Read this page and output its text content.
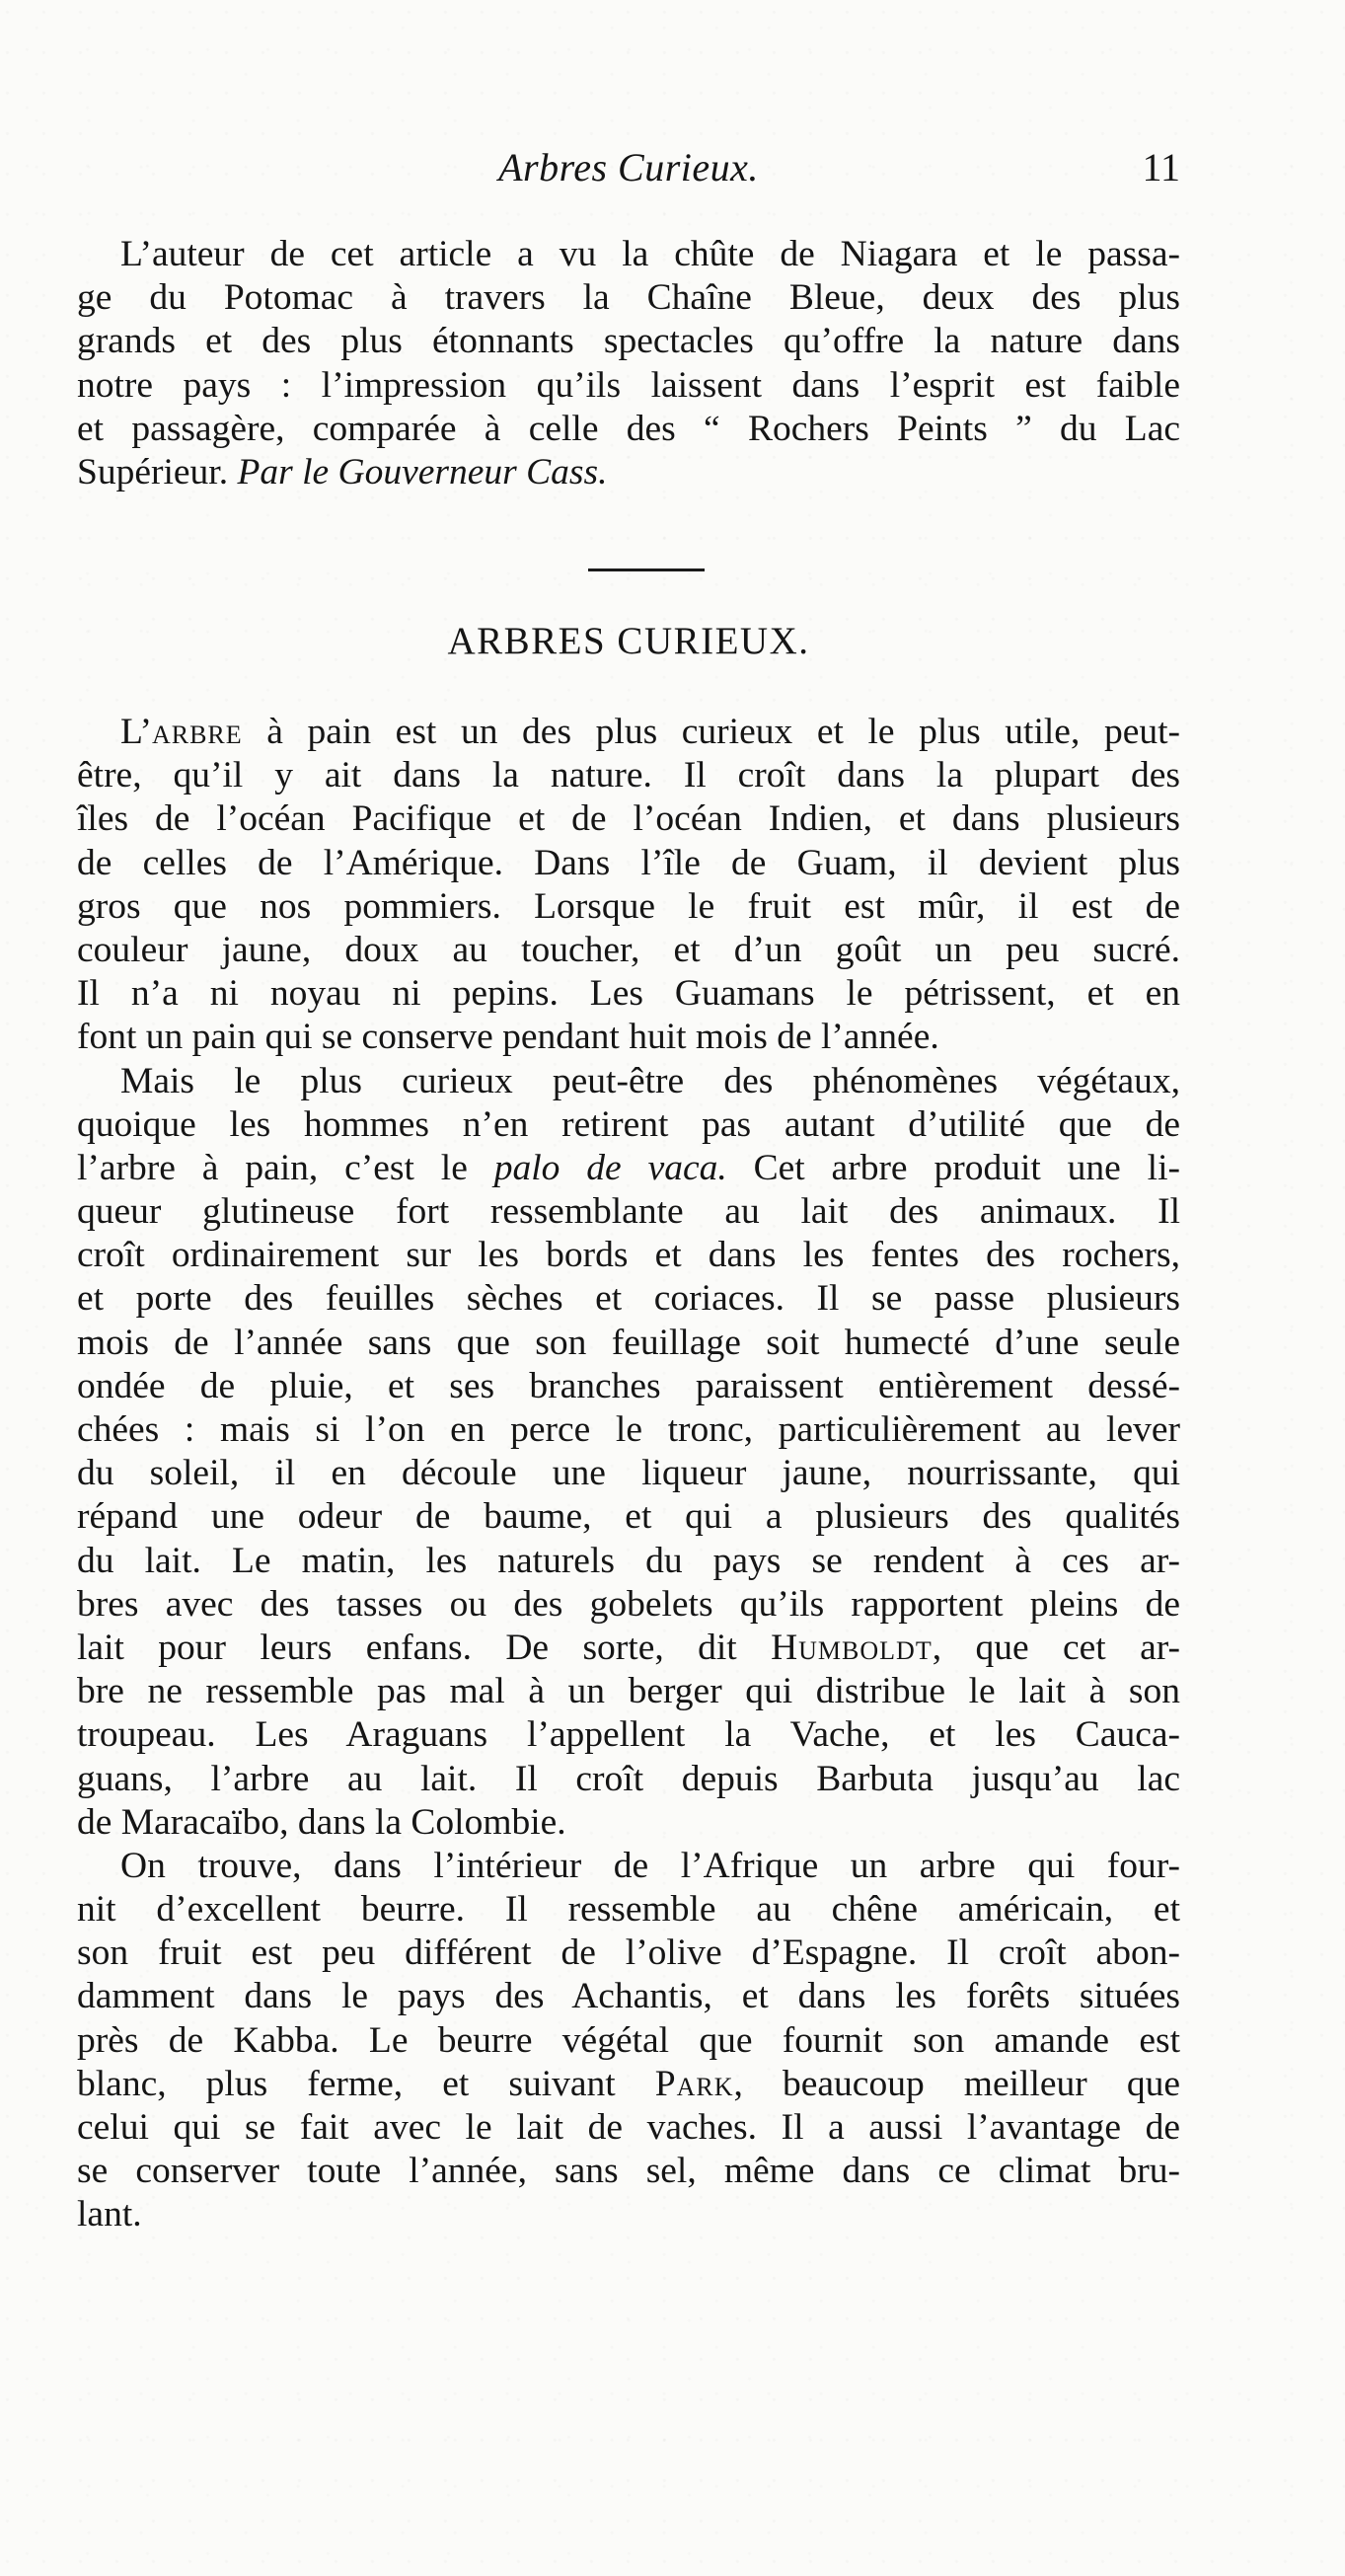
Arbres Curieux.	11
L’auteur de cet article a vu la chûte de Niagara et le passa-
ge du Potomac à travers la Chaîne Bleue, deux des plus
grands et des plus étonnants spectacles qu’offre la nature dans
notre pays : l’impression qu’ils laissent dans l’esprit est faible
et passagère, comparée à celle des “ Rochers Peints ” du Lac
Supérieur. Par le Gouverneur Cass.
ARBRES CURIEUX.
L’arbre à pain est un des plus curieux et le plus utile, peut-
être, qu’il y ait dans la nature. Il croît dans la plupart des
îles de l’océan Pacifique et de l’océan Indien, et dans plusieurs
de celles de l’Amérique. Dans l’île de Guam, il devient plus
gros que nos pommiers. Lorsque le fruit est mûr, il est de
couleur jaune, doux au toucher, et d’un goût un peu sucré.
Il n’a ni noyau ni pepins. Les Guamans le pétrissent, et en
font un pain qui se conserve pendant huit mois de l’année.
Mais le plus curieux peut-être des phénomènes végétaux,
quoique les hommes n’en retirent pas autant d’utilité que de
l’arbre à pain, c’est le palo de vaca. Cet arbre produit une li-
queur glutineuse fort ressemblante au lait des animaux. Il
croît ordinairement sur les bords et dans les fentes des rochers,
et porte des feuilles sèches et coriaces. Il se passe plusieurs
mois de l’année sans que son feuillage soit humecté d’une seule
ondée de pluie, et ses branches paraissent entièrement dessé-
chées : mais si l’on en perce le tronc, particulièrement au lever
du soleil, il en découle une liqueur jaune, nourrissante, qui
répand une odeur de baume, et qui a plusieurs des qualités
du lait. Le matin, les naturels du pays se rendent à ces ar-
bres avec des tasses ou des gobelets qu’ils rapportent pleins de
lait pour leurs enfans. De sorte, dit Humboldt, que cet ar-
bre ne ressemble pas mal à un berger qui distribue le lait à son
troupeau. Les Araguans l’appellent la Vache, et les Cauca-
guans, l’arbre au lait. Il croît depuis Barbuta jusqu’au lac
de Maracaïbo, dans la Colombie.
On trouve, dans l’intérieur de l’Afrique un arbre qui four-
nit d’excellent beurre. Il ressemble au chêne américain, et
son fruit est peu différent de l’olive d’Espagne. Il croît abon-
damment dans le pays des Achantis, et dans les forêts situées
près de Kabba. Le beurre végétal que fournit son amande est
blanc, plus ferme, et suivant Park, beaucoup meilleur que
celui qui se fait avec le lait de vaches. Il a aussi l’avantage de
se conserver toute l’année, sans sel, même dans ce climat bru-
lant.
